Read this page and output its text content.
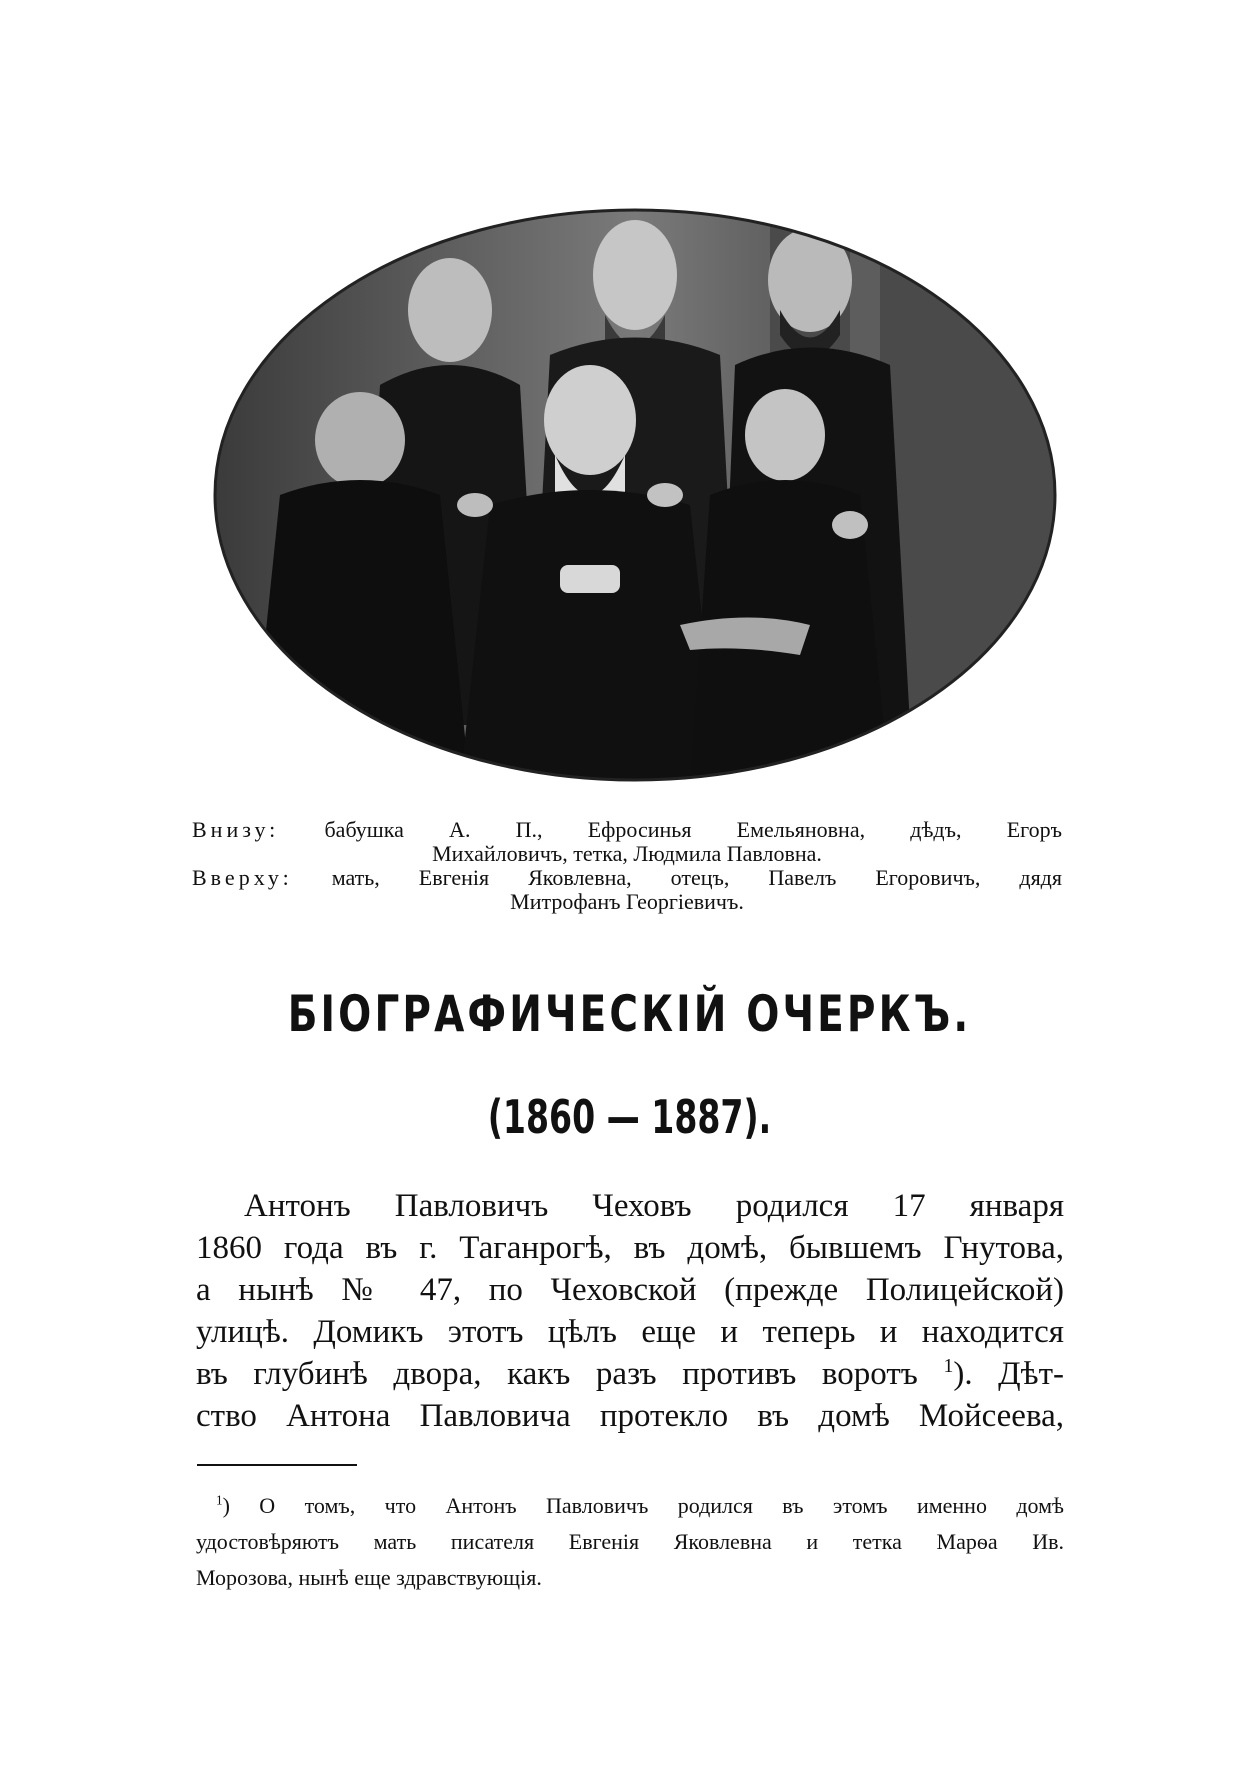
Внизу: бабушка А. П., Ефросинья Емельяновна, дѣдъ, Егоръ

Михайловичъ, тетка, Людмила Павловна.

Вверху: мать, Евгенія Яковлевна, отецъ, Павелъ Егоровичъ, дядя

Митрофанъ Георгіевичъ.

БІОГРАФИЧЕСКІЙ ОЧЕРКЪ.
(1860 — 1887).
Антонъ Павловичъ Чеховъ родился 17 января
1860 года въ г. Таганрогѣ, въ домѣ, бывшемъ Гнутова,
а нынѣ № 47, по Чеховской (прежде Полицейской)
улицѣ. Домикъ этотъ цѣлъ еще и теперь и находится
въ глубинѣ двора, какъ разъ противъ воротъ $^1$). Дѣт-
ство Антона Павловича протекло въ домѣ Мойсеева,
$^1$) О томъ, что Антонъ Павловичъ родился въ этомъ именно домѣ
удостовѣряютъ мать писателя Евгенія Яковлевна и тетка Марѳа Ив.
Морозова, нынѣ еще здравствующія.
